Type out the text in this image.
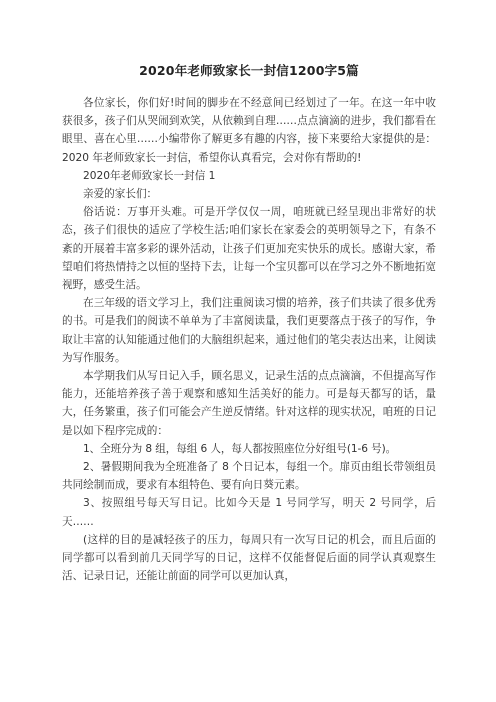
2020年老师致家长一封信1200字5篇

各位家长，你们好!时间的脚步在不经意间已经划过了一年。在这一年中收获很多，孩子们从哭闹到欢笑，从依赖到自理……点点滴滴的进步，我们都看在眼里、喜在心里……小编带你了解更多有趣的内容，接下来要给大家提供的是：2020 年老师致家长一封信，希望你认真看完，会对你有帮助的!

2020年老师致家长一封信 1

亲爱的家长们：

俗话说：万事开头难。可是开学仅仅一周，咱班就已经呈现出非常好的状态，孩子们很快的适应了学校生活;咱们家长在家委会的英明领导之下，有条不紊的开展着丰富多彩的课外活动，让孩子们更加充实快乐的成长。感谢大家，希望咱们将热情持之以恒的坚持下去，让每一个宝贝都可以在学习之外不断地拓宽视野，感受生活。

在三年级的语文学习上，我们注重阅读习惯的培养，孩子们共读了很多优秀的书。可是我们的阅读不单单为了丰富阅读量，我们更要落点于孩子的写作，争取让丰富的认知能通过他们的大脑组织起来，通过他们的笔尖表达出来，让阅读为写作服务。

本学期我们从写日记入手，顾名思义，记录生活的点点滴滴，不但提高写作能力，还能培养孩子善于观察和感知生活美好的能力。可是每天都写的话，量大，任务繁重，孩子们可能会产生逆反情绪。针对这样的现实状况，咱班的日记是以如下程序完成的：

1、全班分为 8 组，每组 6 人，每人都按照座位分好组号(1-6 号)。

2、暑假期间我为全班准备了 8 个日记本，每组一个。扉页由组长带领组员共同绘制而成，要求有本组特色、要有向日葵元素。

3、按照组号每天写日记。比如今天是 1 号同学写，明天 2 号同学，后天……

(这样的目的是减轻孩子的压力，每周只有一次写日记的机会，而且后面的同学都可以看到前几天同学写的日记，这样不仅能督促后面的同学认真观察生活、记录日记，还能让前面的同学可以更加认真，
